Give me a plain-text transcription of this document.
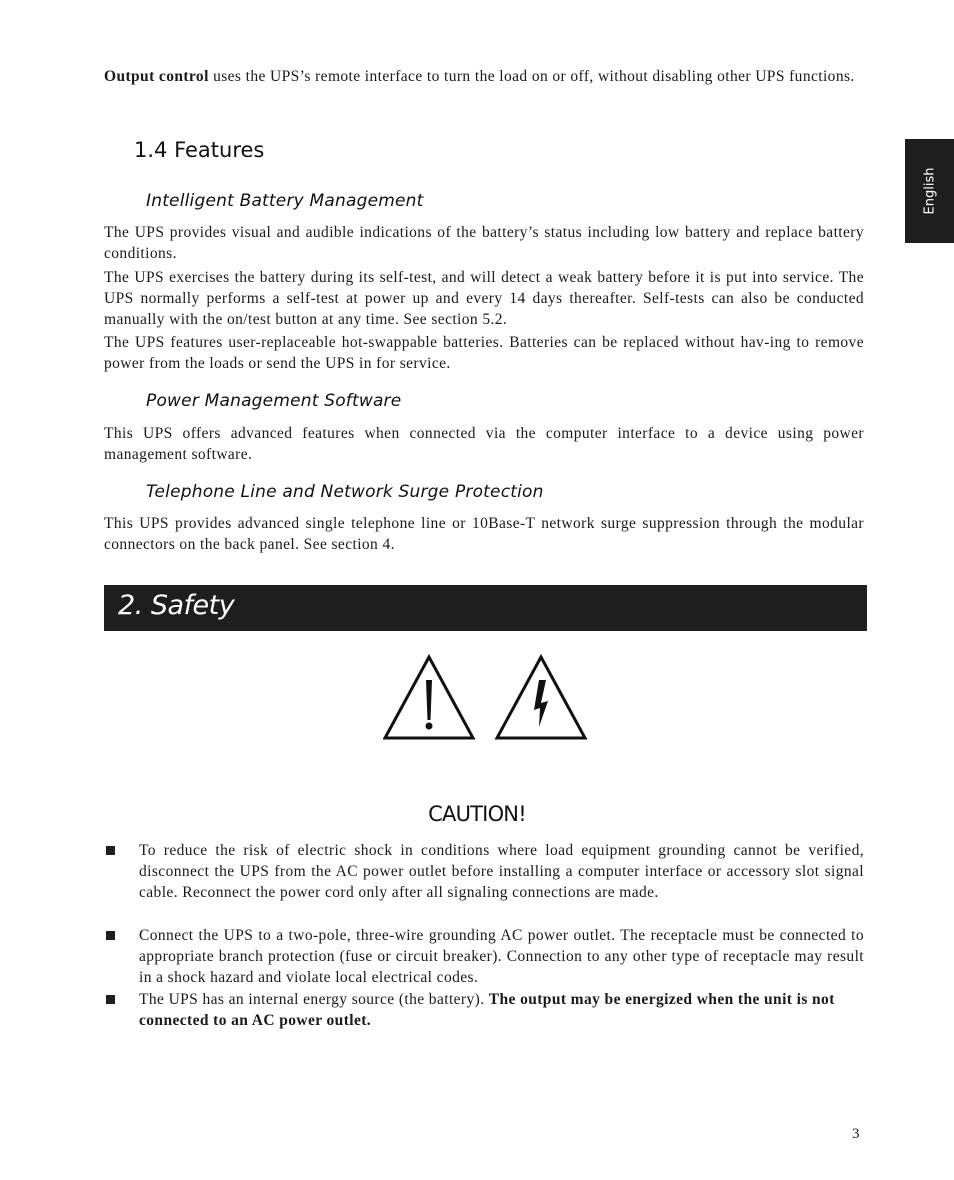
Output control uses the UPS’s remote interface to turn the load on or off, without disabling other UPS functions.

1.4 Features
Intelligent Battery Management

The UPS provides visual and audible indications of the battery’s status including low battery and replace battery conditions.

The UPS exercises the battery during its self-test, and will detect a weak battery before it is put into service. The UPS normally performs a self-test at power up and every 14 days thereafter. Self-tests can also be conducted manually with the on/test button at any time. See section 5.2.

The UPS features user-replaceable hot-swappable batteries. Batteries can be replaced without hav-ing to remove power from the loads or send the UPS in for service.

Power Management Software

This UPS offers advanced features when connected via the computer interface to a device using power management software.

Telephone Line and Network Surge Protection

This UPS provides advanced single telephone line or 10Base-T network surge suppression through the modular connectors on the back panel. See section 4.

2. Safety
CAUTION!

To reduce the risk of electric shock in conditions where load equipment grounding cannot be verified, disconnect the UPS from the AC power outlet before installing a computer interface or accessory slot signal cable. Reconnect the power cord only after all signaling connections are made.

Connect the UPS to a two-pole, three-wire grounding AC power outlet. The receptacle must be connected to appropriate branch protection (fuse or circuit breaker). Connection to any other type of receptacle may result in a shock hazard and violate local electrical codes.

The UPS has an internal energy source (the battery). The output may be energized when the unit is not connected to an AC power outlet.

English
3
